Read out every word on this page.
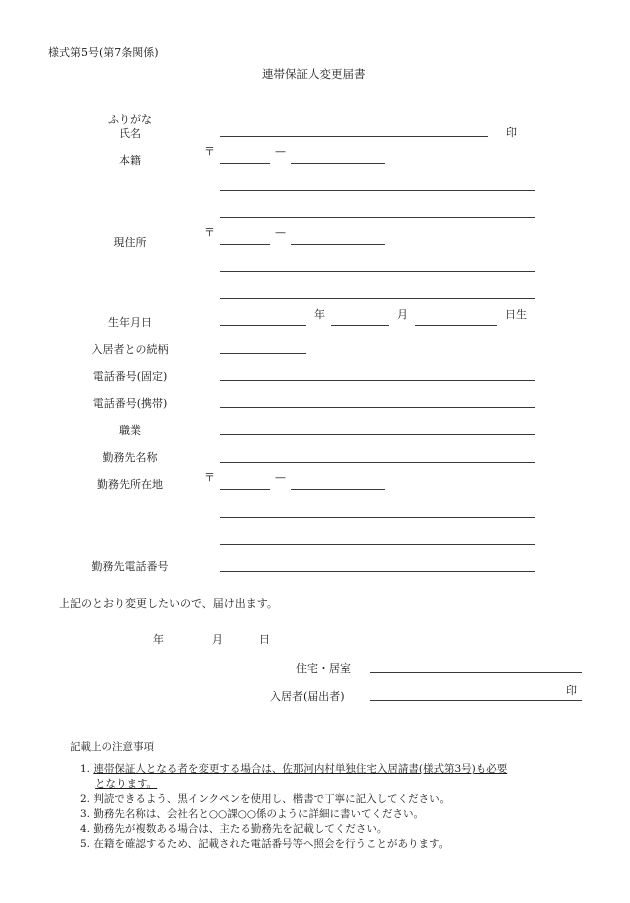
様式第5号(第7条関係)
連帯保証人変更届書
ふりがな
氏名	印
本籍
〒	—
現住所
〒	—
生年月日
年	月	日生
入居者との続柄
電話番号(固定)
電話番号(携帯)
職業
勤務先名称
勤務先所在地
〒	—
勤務先電話番号
上記のとおり変更したいので、届け出ます。
年	月	日
住宅・居室
入居者(届出者)	印
記載上の注意事項
1. 連帯保証人となる者を変更する場合は、佐那河内村単独住宅入居請書(様式第3号)も必要
となります。
2. 判読できるよう、黒インクペンを使用し、楷書で丁寧に記入してください。
3. 勤務先名称は、会社名と○○課○○係のように詳細に書いてください。
4. 勤務先が複数ある場合は、主たる勤務先を記載してください。
5. 在籍を確認するため、記載された電話番号等へ照会を行うことがあります。
